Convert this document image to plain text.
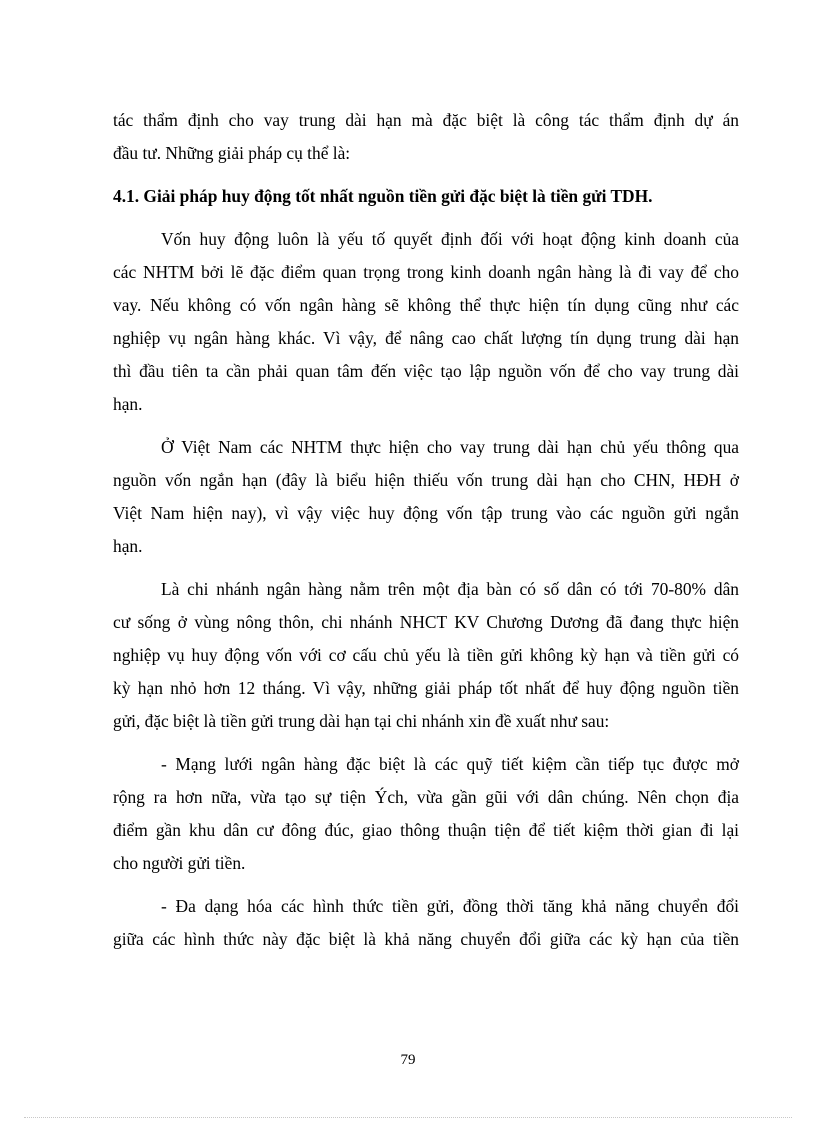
tác thẩm định cho vay trung dài hạn mà đặc biệt là công tác thẩm định dự án

đầu tư. Những giải pháp cụ thể là:

4.1. Giải pháp huy động tốt nhất nguồn tiền gửi đặc biệt là tiền gửi TDH.

Vốn huy động luôn là yếu tố quyết định đối với hoạt động kinh doanh của

các NHTM bởi lẽ đặc điểm quan trọng trong kinh doanh ngân hàng là đi vay để cho

vay. Nếu không có vốn ngân hàng sẽ không thể thực hiện tín dụng cũng như các

nghiệp vụ ngân hàng khác. Vì vậy, để nâng cao chất lượng tín dụng trung dài hạn

thì đầu tiên ta cần phải quan tâm đến việc tạo lập nguồn vốn để cho vay trung dài

hạn.

Ở Việt Nam các NHTM thực hiện cho vay trung dài hạn chủ yếu thông qua

nguồn vốn ngắn hạn (đây là biểu hiện thiếu vốn trung dài hạn cho CHN, HĐH ở

Việt Nam hiện nay), vì vậy việc huy động vốn tập trung vào các nguồn gửi ngắn

hạn.

Là chi nhánh ngân hàng nằm trên một địa bàn có số dân có tới 70-80% dân

cư sống ở vùng nông thôn, chi nhánh NHCT KV Chương Dương đã đang thực hiện

nghiệp vụ huy động vốn với cơ cấu chủ yếu là tiền gửi không kỳ hạn và tiền gửi có

kỳ hạn nhỏ hơn 12 tháng. Vì vậy, những giải pháp tốt nhất để huy động nguồn tiền

gửi, đặc biệt là tiền gửi trung dài hạn tại chi nhánh xin đề xuất như sau:

- Mạng lưới ngân hàng đặc biệt là các quỹ tiết kiệm cần tiếp tục được mở

rộng ra hơn nữa, vừa tạo sự tiện Ých, vừa gần gũi với dân chúng. Nên chọn địa

điểm gần khu dân cư đông đúc, giao thông thuận tiện để tiết kiệm thời gian đi lại

cho người gửi tiền.

- Đa dạng hóa các hình thức tiền gửi, đồng thời tăng khả năng chuyển đổi

giữa các hình thức này đặc biệt là khả năng chuyển đổi giữa các kỳ hạn của tiền

79
